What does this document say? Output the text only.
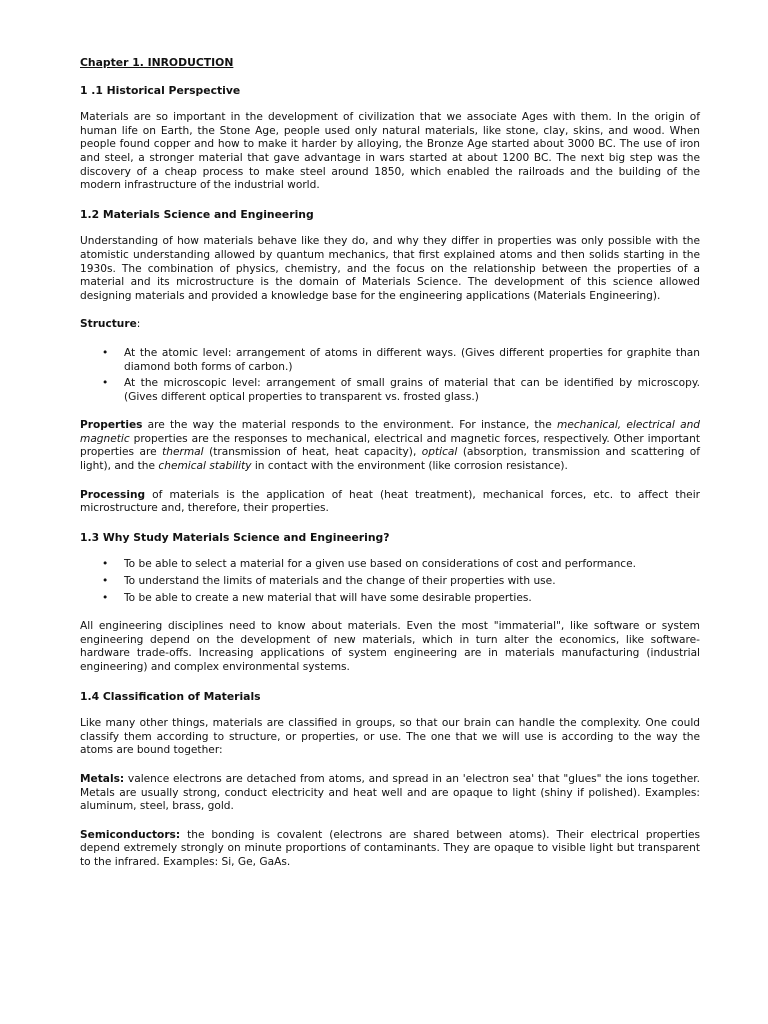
Chapter 1. INRODUCTION
1 .1 Historical Perspective

Materials are so important in the development of civilization that we associate Ages with them. In the origin of human life on Earth, the Stone Age, people used only natural materials, like stone, clay, skins, and wood. When people found copper and how to make it harder by alloying, the Bronze Age started about 3000 BC. The use of iron and steel, a stronger material that gave advantage in wars started at about 1200 BC. The next big step was the discovery of a cheap process to make steel around 1850, which enabled the railroads and the building of the modern infrastructure of the industrial world.

1.2 Materials Science and Engineering

Understanding of how materials behave like they do, and why they differ in properties was only possible with the atomistic understanding allowed by quantum mechanics, that first explained atoms and then solids starting in the 1930s. The combination of physics, chemistry, and the focus on the relationship between the properties of a material and its microstructure is the domain of Materials Science. The development of this science allowed designing materials and provided a knowledge base for the engineering applications (Materials Engineering).

Structure:

• At the atomic level: arrangement of atoms in different ways. (Gives different properties for graphite than diamond both forms of carbon.)
• At the microscopic level: arrangement of small grains of material that can be identified by microscopy. (Gives different optical properties to transparent vs. frosted glass.)

Properties are the way the material responds to the environment. For instance, the mechanical, electrical and magnetic properties are the responses to mechanical, electrical and magnetic forces, respectively. Other important properties are thermal (transmission of heat, heat capacity), optical (absorption, transmission and scattering of light), and the chemical stability in contact with the environment (like corrosion resistance).

Processing of materials is the application of heat (heat treatment), mechanical forces, etc. to affect their microstructure and, therefore, their properties.

1.3 Why Study Materials Science and Engineering?
• To be able to select a material for a given use based on considerations of cost and performance.
• To understand the limits of materials and the change of their properties with use.
• To be able to create a new material that will have some desirable properties.

All engineering disciplines need to know about materials. Even the most "immaterial", like software or system engineering depend on the development of new materials, which in turn alter the economics, like software-hardware trade-offs. Increasing applications of system engineering are in materials manufacturing (industrial engineering) and complex environmental systems.

1.4 Classification of Materials

Like many other things, materials are classified in groups, so that our brain can handle the complexity. One could classify them according to structure, or properties, or use. The one that we will use is according to the way the atoms are bound together:

Metals: valence electrons are detached from atoms, and spread in an 'electron sea' that "glues" the ions together. Metals are usually strong, conduct electricity and heat well and are opaque to light (shiny if polished). Examples: aluminum, steel, brass, gold.

Semiconductors: the bonding is covalent (electrons are shared between atoms). Their electrical properties depend extremely strongly on minute proportions of contaminants. They are opaque to visible light but transparent to the infrared. Examples: Si, Ge, GaAs.
